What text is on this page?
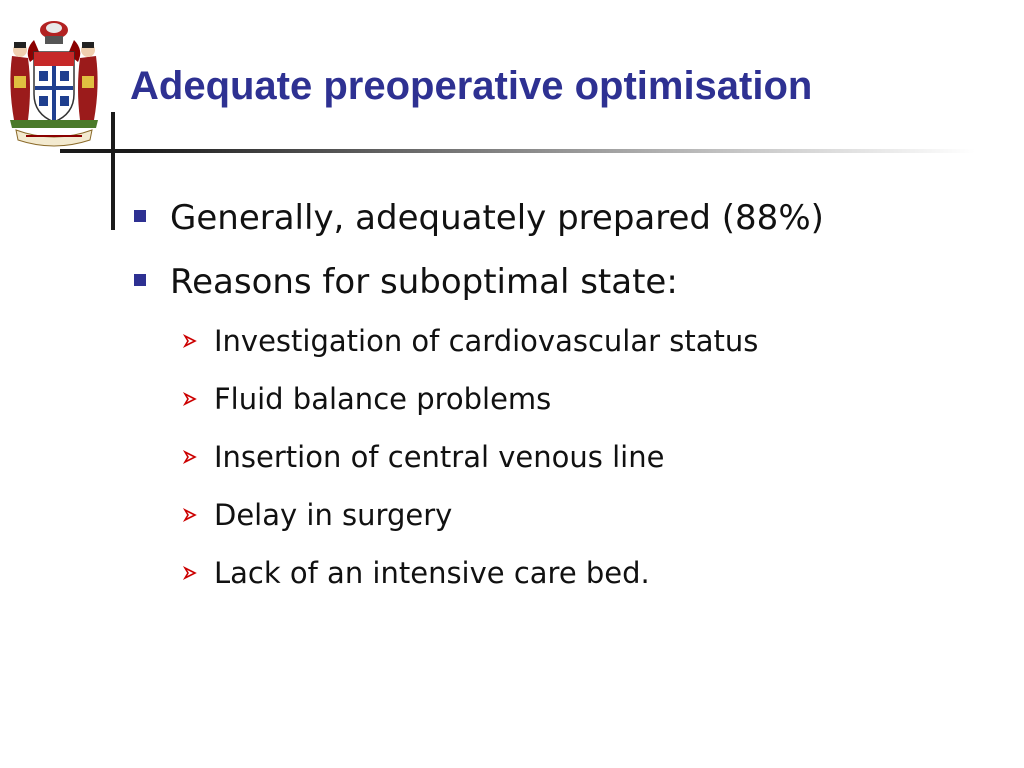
Adequate preoperative optimisation
Generally, adequately prepared (88%)
Reasons for suboptimal state:
Investigation of cardiovascular status
Fluid balance problems
Insertion of central venous line
Delay in surgery
Lack of an intensive care bed.
